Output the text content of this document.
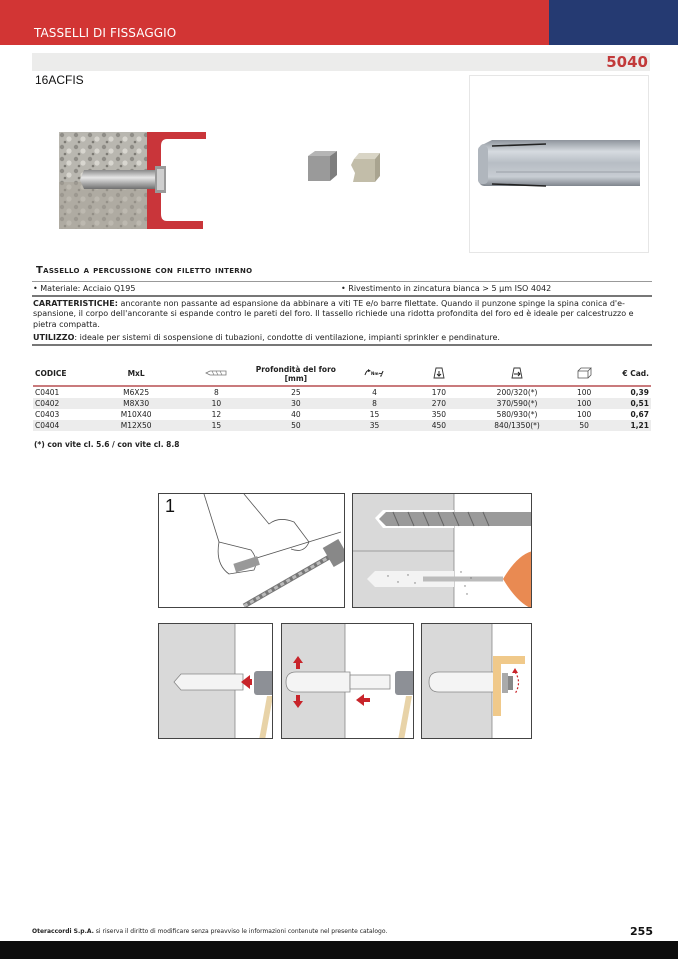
TASSELLI DI FISSAGGIO
5040
16ACFIS
Tassello a percussione con filetto interno
• Materiale: Acciaio Q195	• Rivestimento in zincatura bianca > 5 µm ISO 4042
CARATTERISTICHE: ancorante non passante ad espansione da abbinare a viti TE e/o barre filettate. Quando il punzone spinge la spina conica d'e-spansione, il corpo dell'ancorante si espande contro le pareti del foro. Il tassello richiede una ridotta profondita del foro ed è ideale per calcestruzzo e pietra compatta.
UTILIZZO: ideale per sistemi di sospensione di tubazioni, condotte di ventilazione, impianti sprinkler e pendinature.
CODICE	MxL		Profondità del foro [mm]	Nm				€ Cad.
C0401	M6X25	8	25	4	170	200/320(*)	100	0,39
C0402	M8X30	10	30	8	270	370/590(*)	100	0,51
C0403	M10X40	12	40	15	350	580/930(*)	100	0,67
C0404	M12X50	15	50	35	450	840/1350(*)	50	1,21
(*) con vite cl. 5.6 / con vite cl. 8.8
1
Oteraccordi S.p.A. si riserva il diritto di modificare senza preavviso le informazioni contenute nel presente catalogo.	255
